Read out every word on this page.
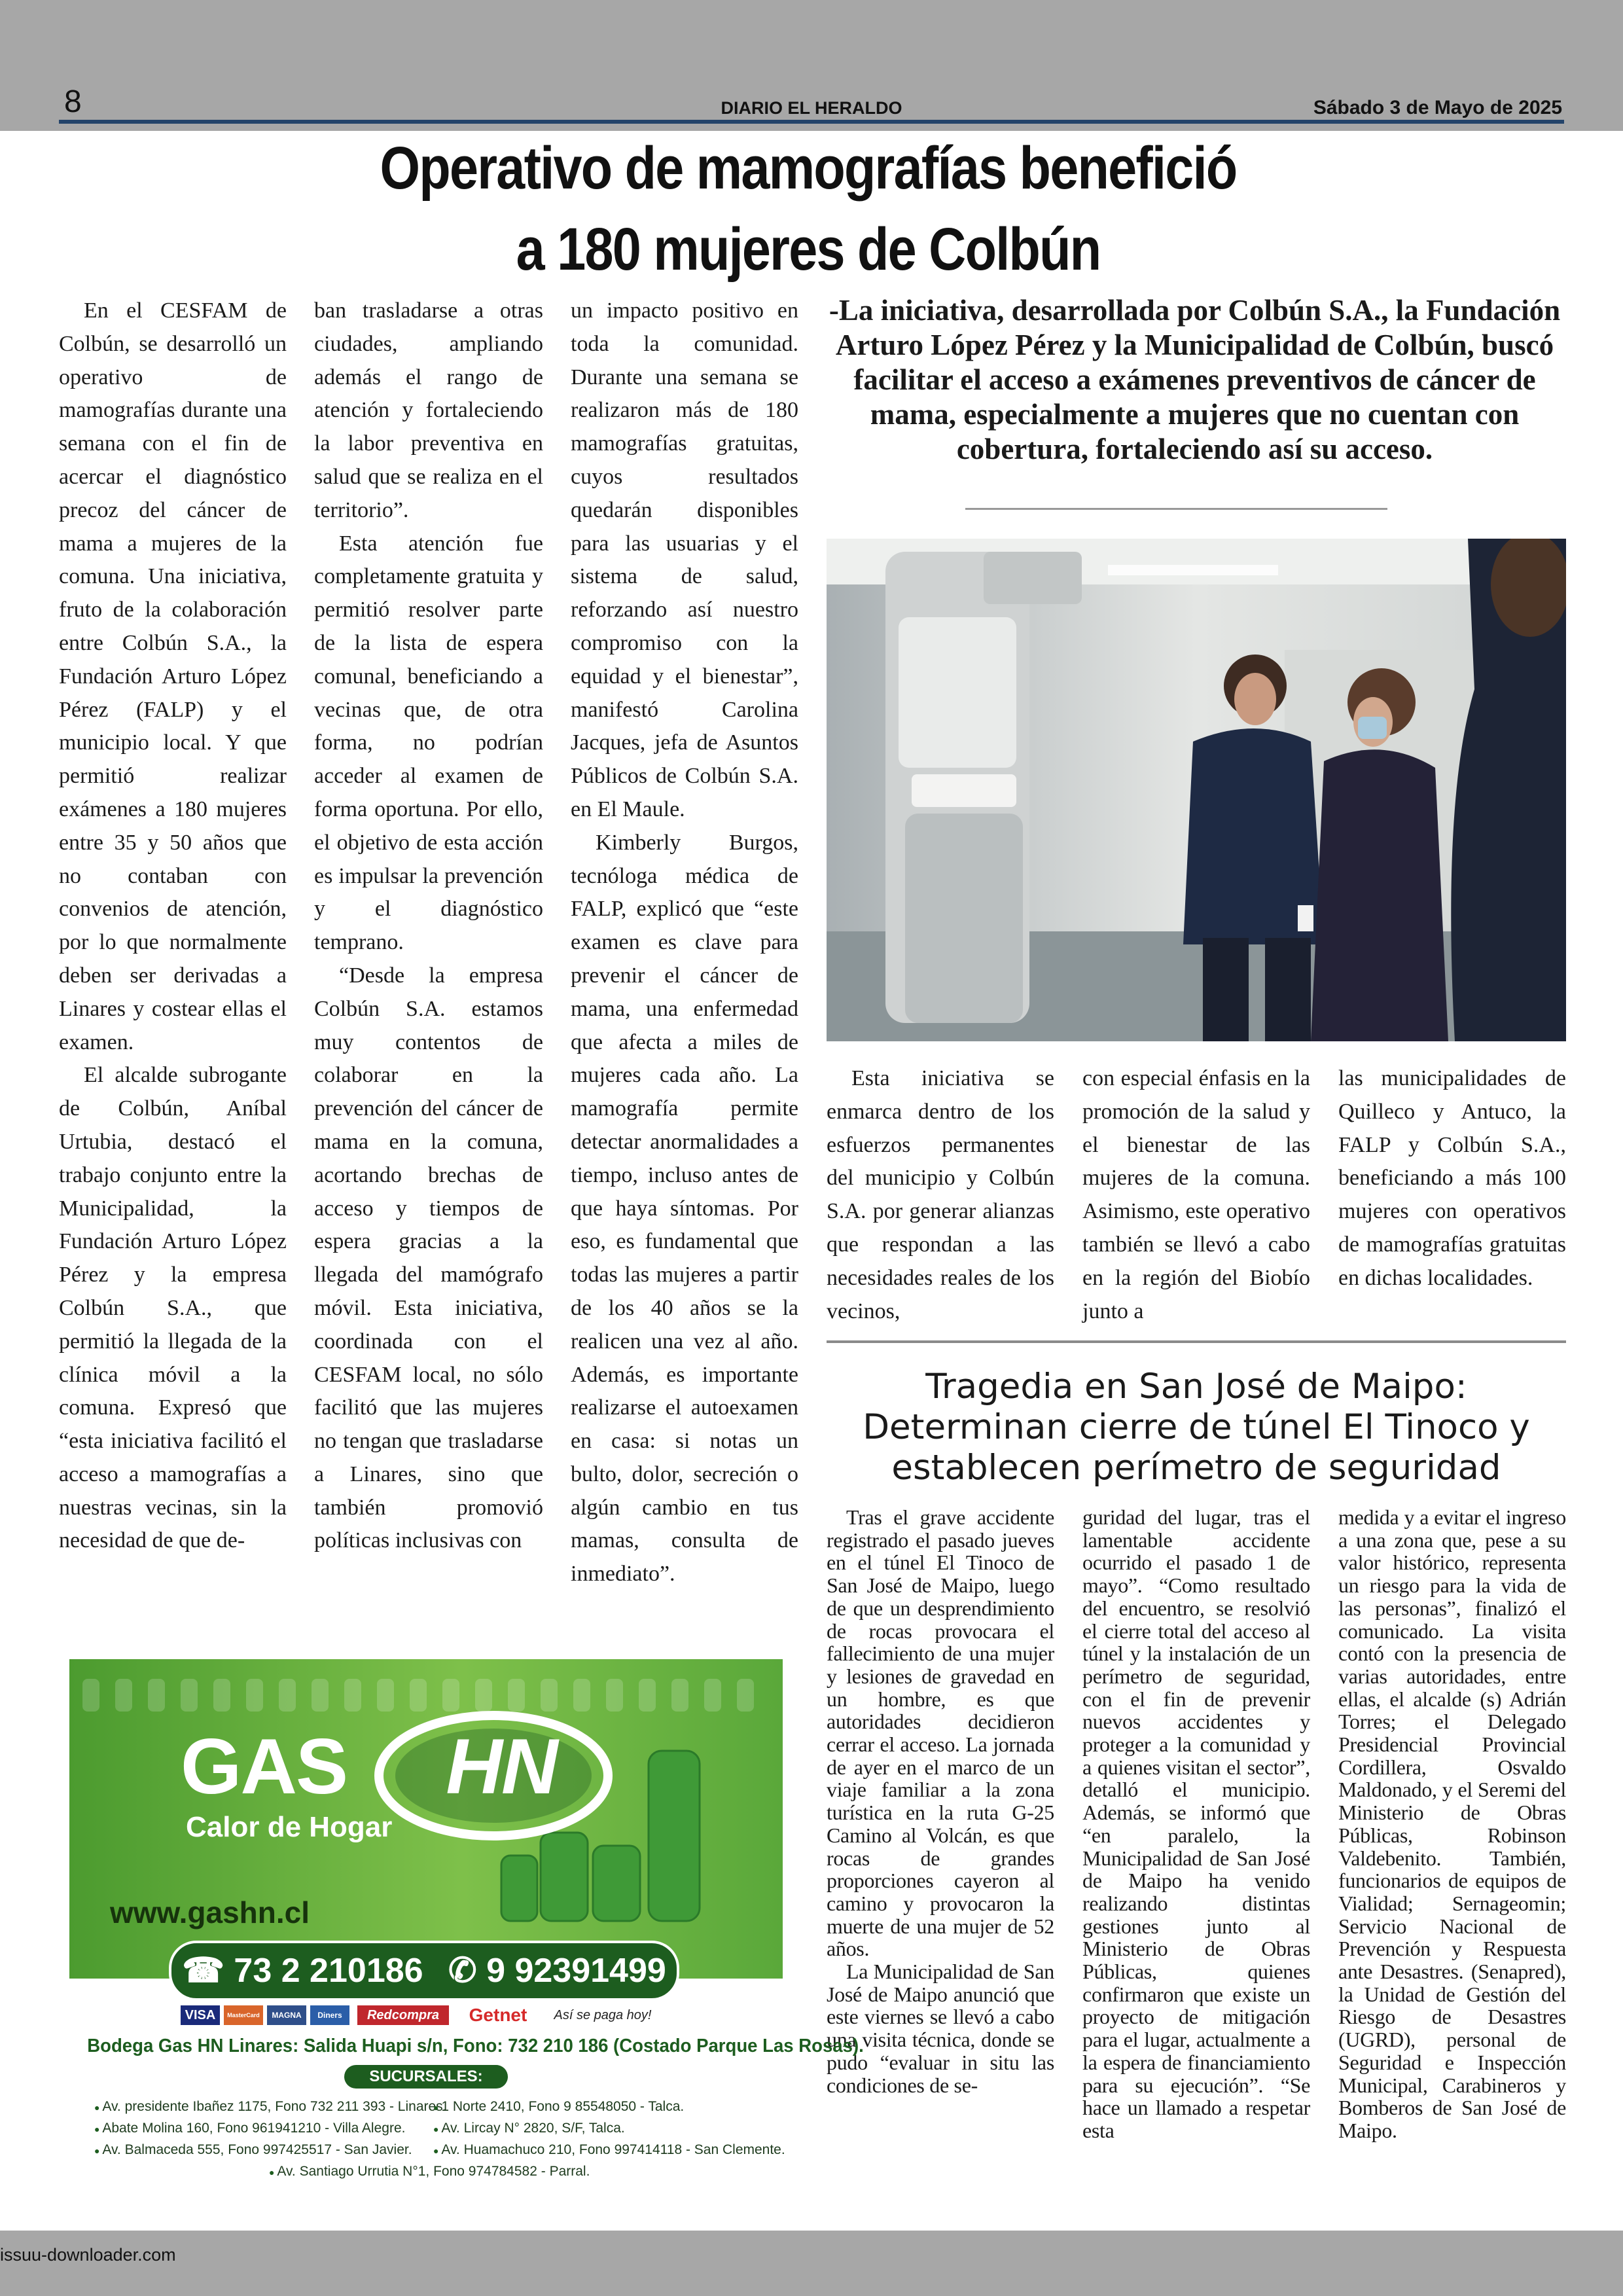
issuu-downloader.com
8	DIARIO EL HERALDO	Sábado 3 de Mayo de 2025
Operativo de mamografías benefició
a 180 mujeres de Colbún

En el CESFAM de Colbún, se desarrolló un operativo de mamografías durante una semana con el fin de acercar el diagnóstico precoz del cáncer de mama a mujeres de la comuna. Una iniciativa, fruto de la colaboración entre Colbún S.A., la Fundación Arturo López Pérez (FALP) y el municipio local. Y que permitió realizar exámenes a 180 mujeres entre 35 y 50 años que no contaban con convenios de atención, por lo que normalmente deben ser derivadas a Linares y costear ellas el examen.

El alcalde subrogante de Colbún, Aníbal Urtubia, destacó el trabajo conjunto entre la Municipalidad, la Fundación Arturo López Pérez y la empresa Colbún S.A., que permitió la llegada de la clínica móvil a la comuna. Expresó que “esta iniciativa facilitó el acceso a mamografías a nuestras vecinas, sin la necesidad de que de-

ban trasladarse a otras ciudades, ampliando además el rango de atención y fortaleciendo la labor preventiva en salud que se realiza en el territorio”.

Esta atención fue completamente gratuita y permitió resolver parte de la lista de espera comunal, beneficiando a vecinas que, de otra forma, no podrían acceder al examen de forma oportuna. Por ello, el objetivo de esta acción es impulsar la prevención y el diagnóstico temprano.

“Desde la empresa Colbún S.A. estamos muy contentos de colaborar en la prevención del cáncer de mama en la comuna, acortando brechas de acceso y tiempos de espera gracias a la llegada del mamógrafo móvil. Esta iniciativa, coordinada con el CESFAM local, no sólo facilitó que las mujeres no tengan que trasladarse a Linares, sino que también promovió políticas inclusivas con

un impacto positivo en toda la comunidad. Durante una semana se realizaron más de 180 mamografías gratuitas, cuyos resultados quedarán disponibles para las usuarias y el sistema de salud, reforzando así nuestro compromiso con la equidad y el bienestar”, manifestó Carolina Jacques, jefa de Asuntos Públicos de Colbún S.A. en El Maule.

Kimberly Burgos, tecnóloga médica de FALP, explicó que “este examen es clave para prevenir el cáncer de mama, una enfermedad que afecta a miles de mujeres cada año. La mamografía permite detectar anormalidades a tiempo, incluso antes de que haya síntomas. Por eso, es fundamental que todas las mujeres a partir de los 40 años se la realicen una vez al año. Además, es importante realizarse el autoexamen en casa: si notas un bulto, dolor, secreción o algún cambio en tus mamas, consulta de inmediato”.

-La iniciativa, desarrollada por Colbún S.A., la Fundación Arturo López Pérez y la Municipalidad de Colbún, buscó facilitar el acceso a exámenes preventivos de cáncer de mama, especialmente a mujeres que no cuentan con cobertura, fortaleciendo así su acceso.

Esta iniciativa se enmarca dentro de los esfuerzos permanentes del municipio y Colbún S.A. por generar alianzas que respondan a las necesidades reales de los vecinos,

con especial énfasis en la promoción de la salud y el bienestar de las mujeres de la comuna. Asimismo, este operativo también se llevó a cabo en la región del Biobío junto a

las municipalidades de Quilleco y Antuco, la FALP y Colbún S.A., beneficiando a más 100 mujeres con operativos de mamografías gratuitas en dichas localidades.

Tragedia en San José de Maipo: Determinan cierre de túnel El Tinoco y establecen perímetro de seguridad

Tras el grave accidente registrado el pasado jueves en el túnel El Tinoco de San José de Maipo, luego de que un desprendimiento de rocas provocara el fallecimiento de una mujer y lesiones de gravedad en un hombre, es que autoridades decidieron cerrar el acceso. La jornada de ayer en el marco de un viaje familiar a la zona turística en la ruta G-25 Camino al Volcán, es que rocas de grandes proporciones cayeron al camino y provocaron la muerte de una mujer de 52 años.

La Municipalidad de San José de Maipo anunció que este viernes se llevó a cabo una visita técnica, donde se pudo “evaluar in situ las condiciones de se-

guridad del lugar, tras el lamentable accidente ocurrido el pasado 1 de mayo”. “Como resultado del encuentro, se resolvió el cierre total del acceso al túnel y la instalación de un perímetro de seguridad, con el fin de prevenir nuevos accidentes y proteger a la comunidad y a quienes visitan el sector”, detalló el municipio. Además, se informó que “en paralelo, la Municipalidad de San José de Maipo ha venido realizando distintas gestiones junto al Ministerio de Obras Públicas, quienes confirmaron que existe un proyecto de mitigación para el lugar, actualmente a la espera de financiamiento para su ejecución”. “Se hace un llamado a respetar esta

medida y a evitar el ingreso a una zona que, pese a su valor histórico, representa un riesgo para la vida de las personas”, finalizó el comunicado. La visita contó con la presencia de varias autoridades, entre ellas, el alcalde (s) Adrián Torres; el Delegado Presidencial Provincial Cordillera, Osvaldo Maldonado, y el Seremi del Ministerio de Obras Públicas, Robinson Valdebenito. También, funcionarios de equipos de Vialidad; Sernageomin; Servicio Nacional de Prevención y Respuesta ante Desastres. (Senapred), la Unidad de Gestión del Riesgo de Desastres (UGRD), personal de Seguridad e Inspección Municipal, Carabineros y Bomberos de San José de Maipo.

GAS HN
Calor de Hogar
www.gashn.cl
☎ 73 2 210186 ✆ 9 92391499
VISA	MasterCard	MAGNA	Diners	Redcompra	Getnet	Así se paga hoy!
Bodega Gas HN Linares: Salida Huapi s/n, Fono: 732 210 186 (Costado Parque Las Rosas).
SUCURSALES:
● Av. presidente Ibañez 1175, Fono 732 211 393 - Linares.
● 1 Norte 2410, Fono 9 85548050 - Talca.
● Abate Molina 160, Fono 961941210 - Villa Alegre.	● Av. Lircay N° 2820, S/F, Talca.
● Av. Balmaceda 555, Fono 997425517 - San Javier.	● Av. Huamachuco 210, Fono 997414118 - San Clemente.
● Av. Santiago Urrutia N°1, Fono 974784582 - Parral.
